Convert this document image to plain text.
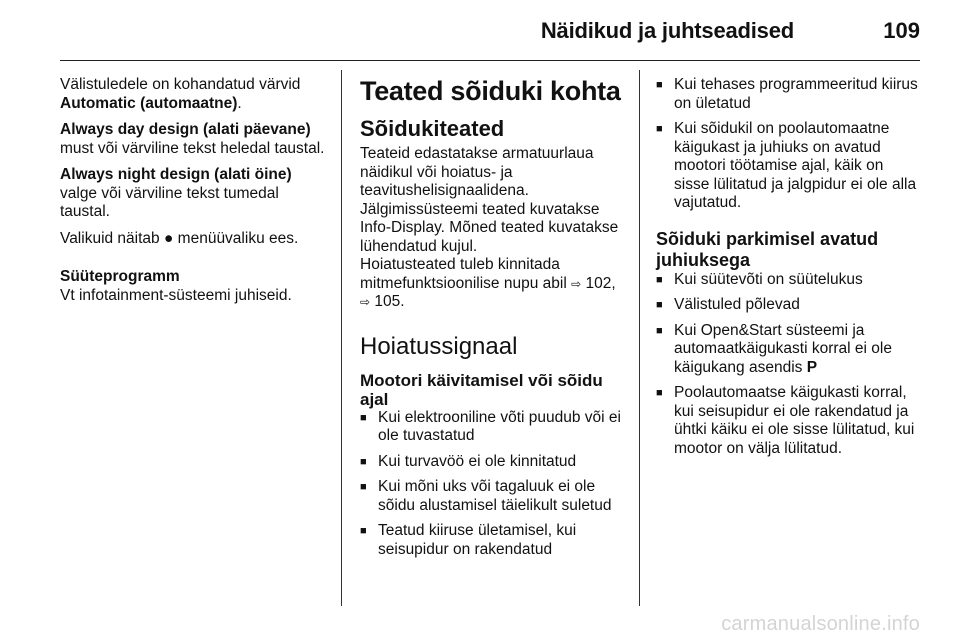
Näidikud ja juhtseadised	109

Välistuledele on kohandatud värvid
Automatic (automaatne).

Always day design (alati päevane)
must või värviline tekst heledal taustal.

Always night design (alati öine) valge või värviline tekst tumedal taustal.

Valikuid näitab ● menüüvaliku ees.

Süüteprogramm

Vt infotainment-süsteemi juhiseid.

Teated sõiduki kohta
Sõidukiteated
Teateid edastatakse armatuurlaua näidikul või hoiatus- ja teavitushelisignaalidena.
Jälgimissüsteemi teated kuvatakse Info-Display. Mõned teated kuvatakse lühendatud kujul.
Hoiatusteated tuleb kinnitada mitmefunktsioonilise nupu abil ⇨ 102,
⇨ 105.
Hoiatussignaal
Mootori käivitamisel või sõidu ajal
■ Kui elektrooniline võti puudub või ei ole tuvastatud
■ Kui turvavöö ei ole kinnitatud
■ Kui mõni uks või tagaluuk ei ole sõidu alustamisel täielikult suletud
■ Teatud kiiruse ületamisel, kui seisupidur on rakendatud
■ Kui tehases programmeeritud kiirus on ületatud
■ Kui sõidukil on poolautomaatne käigukast ja juhiuks on avatud mootori töötamise ajal, käik on sisse lülitatud ja jalgpidur ei ole alla vajutatud.
Sõiduki parkimisel avatud juhiuksega
■ Kui süütevõti on süütelukus
■ Välistuled põlevad
■ Kui Open&Start süsteemi ja automaatkäigukasti korral ei ole käigukang asendis P
■ Poolautomaatse käigukasti korral, kui seisupidur ei ole rakendatud ja ühtki käiku ei ole sisse lülitatud, kui mootor on välja lülitatud.
carmanualsonline.info
